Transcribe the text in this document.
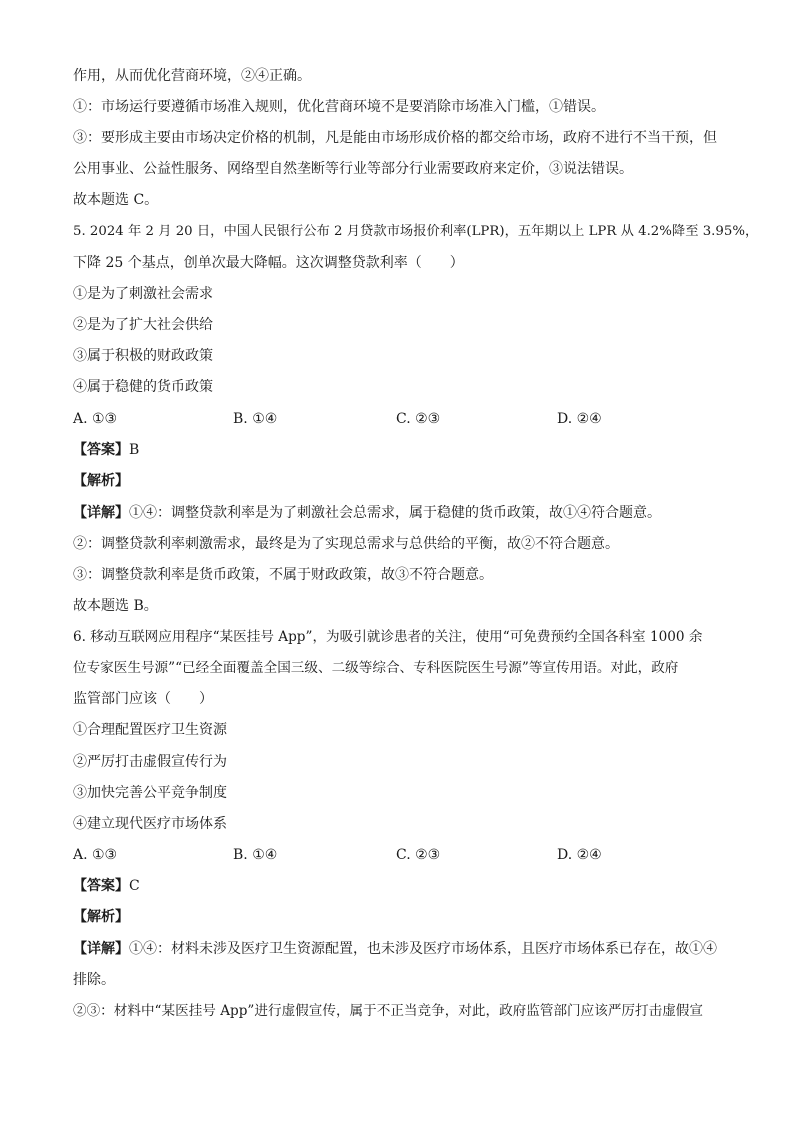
作用，从而优化营商环境，②④正确。
①：市场运行要遵循市场准入规则，优化营商环境不是要消除市场准入门槛，①错误。
③：要形成主要由市场决定价格的机制，凡是能由市场形成价格的都交给市场，政府不进行不当干预，但
公用事业、公益性服务、网络型自然垄断等行业等部分行业需要政府来定价，③说法错误。
故本题选 C。
5. 2024 年 2 月 20 日，中国人民银行公布 2 月贷款市场报价利率(LPR)，五年期以上 LPR 从 4.2%降至 3.95%，
下降 25 个基点，创单次最大降幅。这次调整贷款利率（　　）
①是为了刺激社会需求
②是为了扩大社会供给
③属于积极的财政政策
④属于稳健的货币政策
A. ①③	B. ①④	C. ②③	D. ②④
【答案】B
【解析】
【详解】①④：调整贷款利率是为了刺激社会总需求，属于稳健的货币政策，故①④符合题意。
②：调整贷款利率刺激需求，最终是为了实现总需求与总供给的平衡，故②不符合题意。
③：调整贷款利率是货币政策，不属于财政政策，故③不符合题意。
故本题选 B。
6. 移动互联网应用程序“某医挂号 App”，为吸引就诊患者的关注，使用“可免费预约全国各科室 1000 余
位专家医生号源”“已经全面覆盖全国三级、二级等综合、专科医院医生号源”等宣传用语。对此，政府
监管部门应该（　　）
①合理配置医疗卫生资源
②严厉打击虚假宣传行为
③加快完善公平竞争制度
④建立现代医疗市场体系
A. ①③	B. ①④	C. ②③	D. ②④
【答案】C
【解析】
【详解】①④：材料未涉及医疗卫生资源配置，也未涉及医疗市场体系，且医疗市场体系已存在，故①④
排除。
②③：材料中“某医挂号 App”进行虚假宣传，属于不正当竞争，对此，政府监管部门应该严厉打击虚假宣
